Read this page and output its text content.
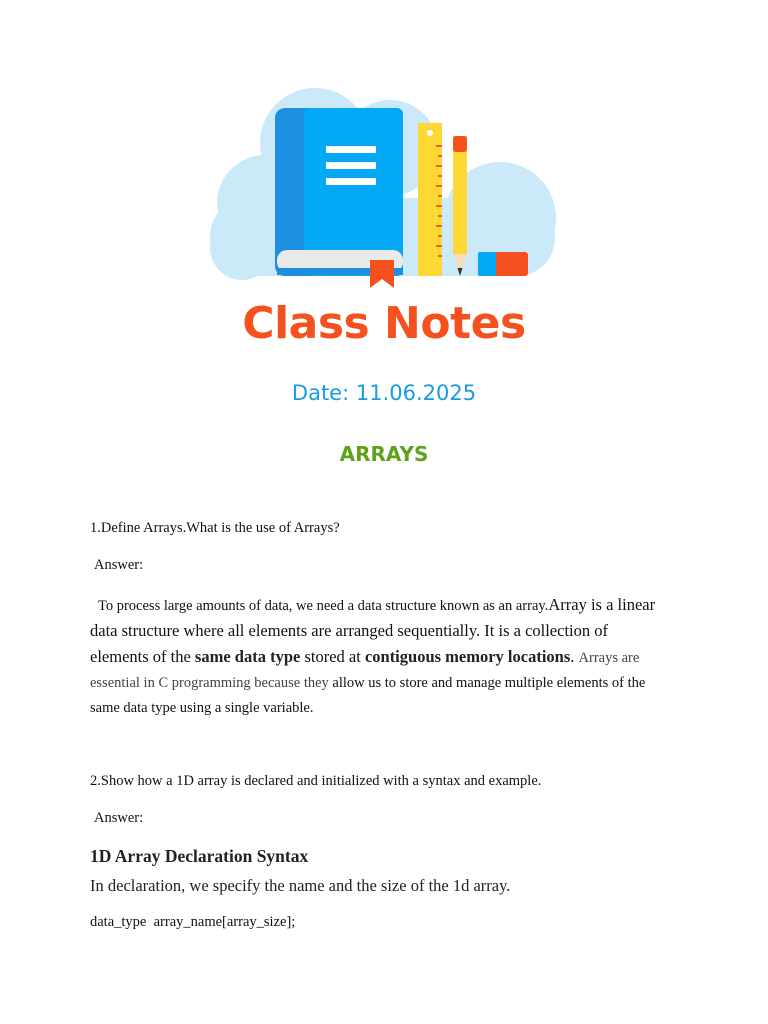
Class Notes
Date: 11.06.2025
ARRAYS
1.Define Arrays.What is the use of Arrays?
Answer:
To process large amounts of data, we need a data structure known as an array.Array is a linear
data structure where all elements are arranged sequentially. It is a collection of
elements of the same data type stored at contiguous memory locations. Arrays are
essential in C programming because they allow us to store and manage multiple elements of the
same data type using a single variable.
2.Show how a 1D array is declared and initialized with a syntax and example.
Answer:
1D Array Declaration Syntax
In declaration, we specify the name and the size of the 1d array.
data_type  array_name[array_size];
